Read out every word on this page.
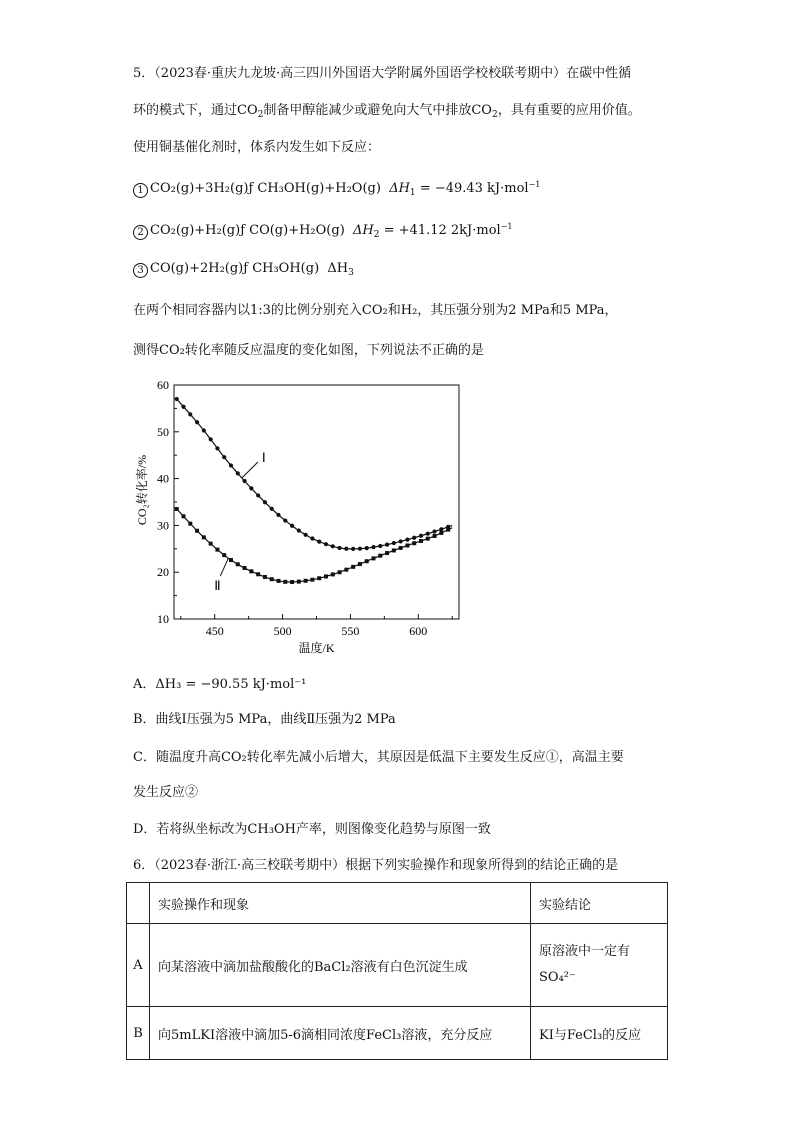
5．（2023春·重庆九龙坡·高三四川外国语大学附属外国语学校校联考期中）在碳中性循
环的模式下，通过$CO_2$制备甲醇能减少或避免向大气中排放$CO_2$，具有重要的应用价值。
使用铜基催化剂时，体系内发生如下反应：
1 CO₂(g)+3H₂(g)ƒ CH₃OH(g)+H₂O(g) $\Delta H_1 = -49.43$ kJ·mol$^{-1}$
2 CO₂(g)+H₂(g)ƒ CO(g)+H₂O(g) $\Delta H_2 = +41.12$ 2kJ·mol$^{-1}$
3 CO(g)+2H₂(g)ƒ CH₃OH(g) $\Delta H_3$
在两个相同容器内以1:3的比例分别充入CO₂和H₂，其压强分别为2 MPa和5 MPa，
测得CO₂转化率随反应温度的变化如图，下列说法不正确的是
10
20
30
40
50
60
450	500	550	600
温度/K
CO₂转化率/%	Ⅰ
Ⅱ
A．ΔH₃ = −90.55 kJ·mol⁻¹
B．曲线Ⅰ压强为5 MPa，曲线Ⅱ压强为2 MPa
C．随温度升高CO₂转化率先减小后增大，其原因是低温下主要发生反应①，高温主要
发生反应②
D．若将纵坐标改为CH₃OH产率，则图像变化趋势与原图一致
6．（2023春·浙江·高三校联考期中）根据下列实验操作和现象所得到的结论正确的是
	实验操作和现象	实验结论
A	向某溶液中滴加盐酸酸化的BaCl₂溶液有白色沉淀生成	原溶液中一定有
SO₄²⁻

B	向5mLKI溶液中滴加5-6滴相同浓度FeCl₃溶液，充分反应	KI与FeCl₃的反应
